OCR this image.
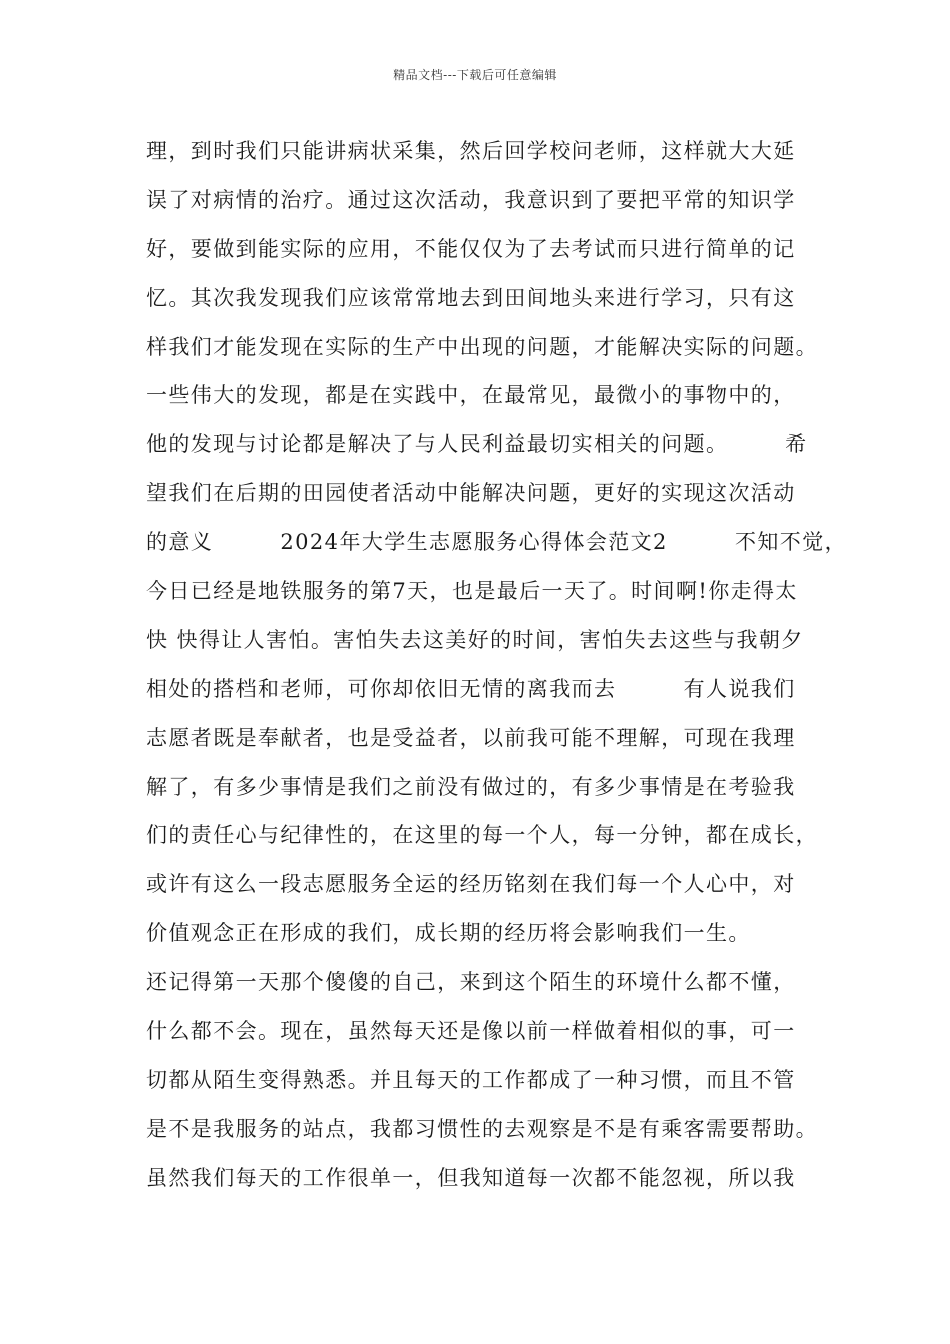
精品文档---下载后可任意编辑
理，到时我们只能讲病状采集，然后回学校问老师，这样就大大延
误了对病情的治疗。通过这次活动，我意识到了要把平常的知识学
好，要做到能实际的应用，不能仅仅为了去考试而只进行简单的记
忆。其次我发现我们应该常常地去到田间地头来进行学习，只有这
样我们才能发现在实际的生产中出现的问题，才能解决实际的问题。
一些伟大的发现，都是在实践中，在最常见，最微小的事物中的，
他的发现与讨论都是解决了与人民利益最切实相关的问题。　　　希
望我们在后期的田园使者活动中能解决问题，更好的实现这次活动
的意义　　　2024年大学生志愿服务心得体会范文2　　　不知不觉，
今日已经是地铁服务的第7天，也是最后一天了。时间啊!你走得太
快 快得让人害怕。害怕失去这美好的时间，害怕失去这些与我朝夕
相处的搭档和老师，可你却依旧无情的离我而去　　　有人说我们
志愿者既是奉献者，也是受益者，以前我可能不理解，可现在我理
解了，有多少事情是我们之前没有做过的，有多少事情是在考验我
们的责任心与纪律性的，在这里的每一个人，每一分钟，都在成长，
或许有这么一段志愿服务全运的经历铭刻在我们每一个人心中，对
价值观念正在形成的我们，成长期的经历将会影响我们一生。
还记得第一天那个傻傻的自己，来到这个陌生的环境什么都不懂，
什么都不会。现在，虽然每天还是像以前一样做着相似的事，可一
切都从陌生变得熟悉。并且每天的工作都成了一种习惯，而且不管
是不是我服务的站点，我都习惯性的去观察是不是有乘客需要帮助。
虽然我们每天的工作很单一，但我知道每一次都不能忽视，所以我
